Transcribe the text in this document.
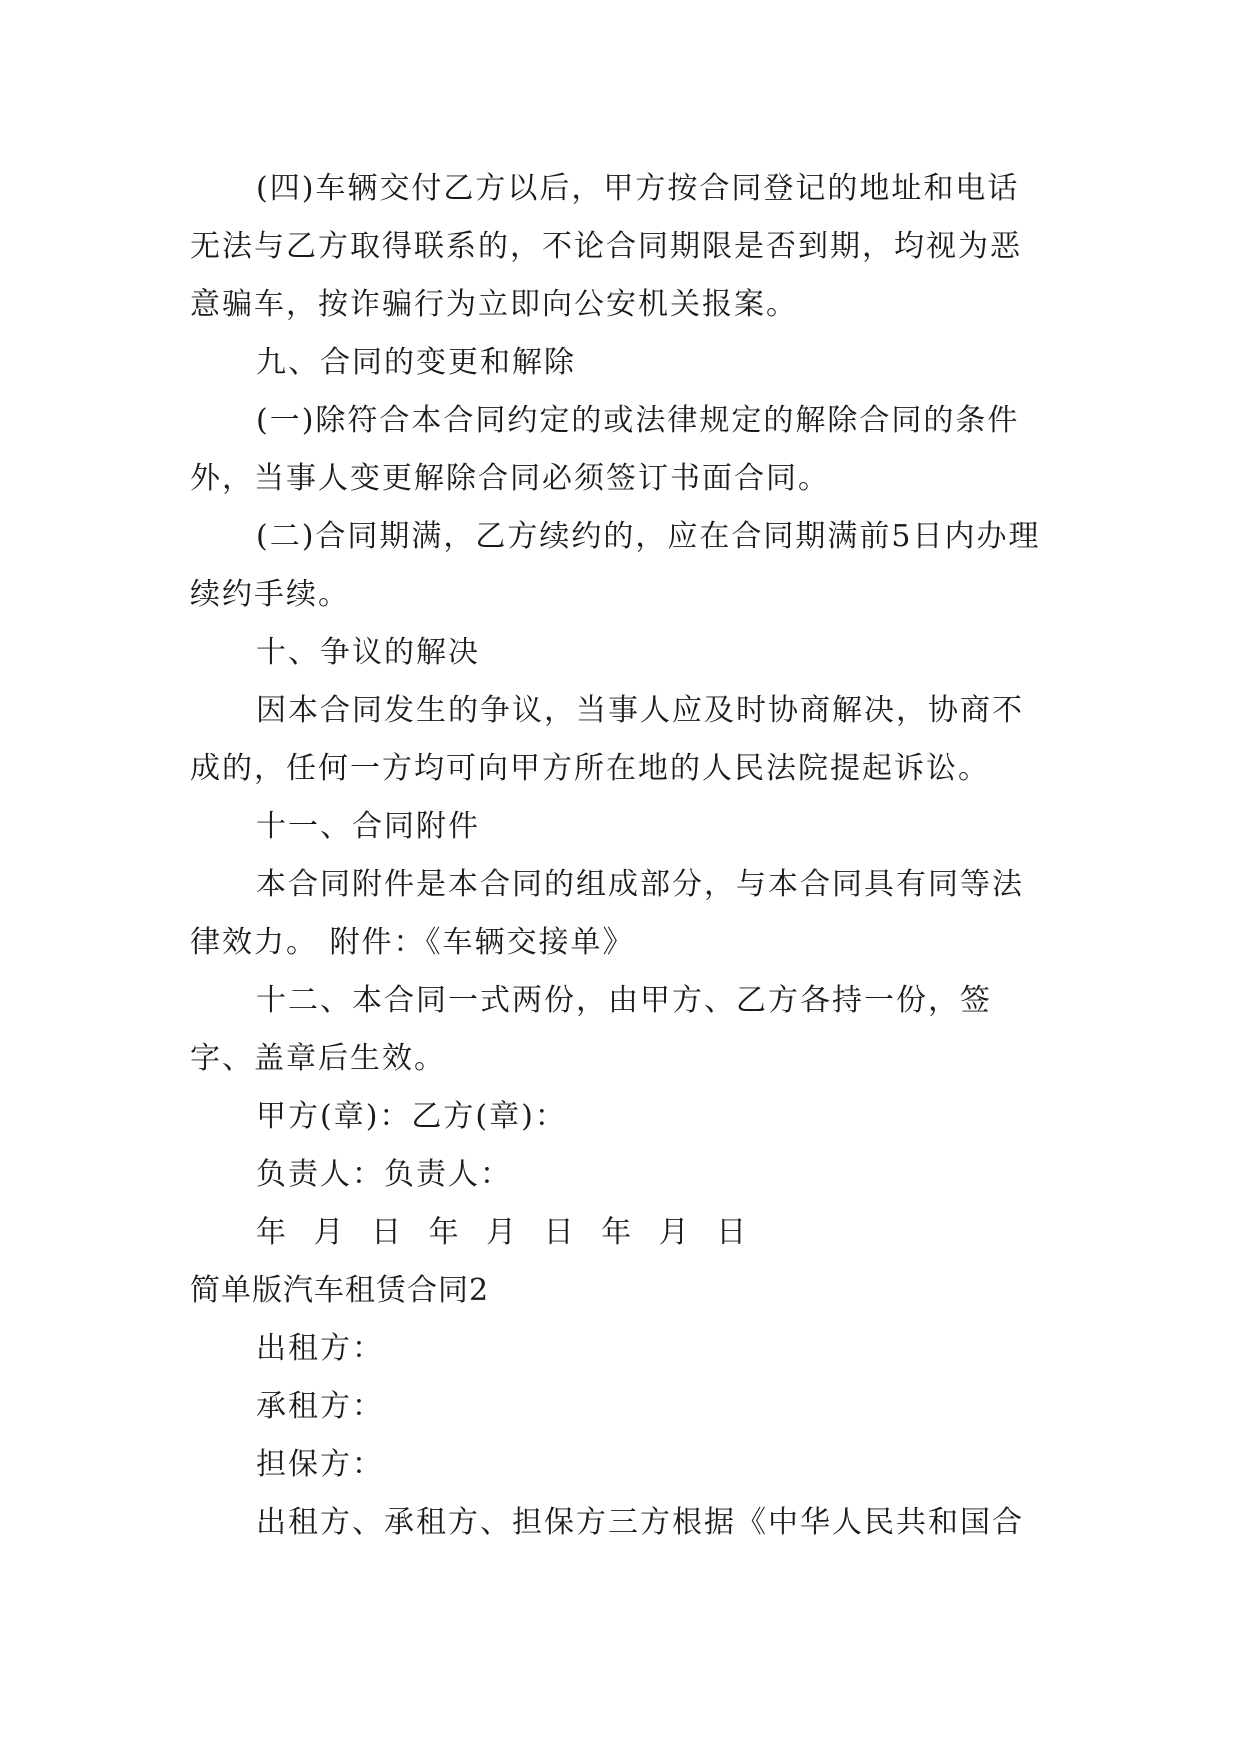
(四)车辆交付乙方以后，甲方按合同登记的地址和电话无法与乙方取得联系的，不论合同期限是否到期，均视为恶意骗车，按诈骗行为立即向公安机关报案。

九、合同的变更和解除

(一)除符合本合同约定的或法律规定的解除合同的条件外，当事人变更解除合同必须签订书面合同。

(二)合同期满，乙方续约的，应在合同期满前5日内办理续约手续。

十、争议的解决

因本合同发生的争议，当事人应及时协商解决，协商不成的，任何一方均可向甲方所在地的人民法院提起诉讼。

十一、合同附件

本合同附件是本合同的组成部分，与本合同具有同等法律效力。 附件：《车辆交接单》

十二、本合同一式两份，由甲方、乙方各持一份，签字、盖章后生效。

甲方(章)：乙方(章)：

负责人：负责人：

年 月 日 年 月 日 年 月 日

简单版汽车租赁合同2

出租方：

承租方：

担保方：

出租方、承租方、担保方三方根据《中华人民共和国合
